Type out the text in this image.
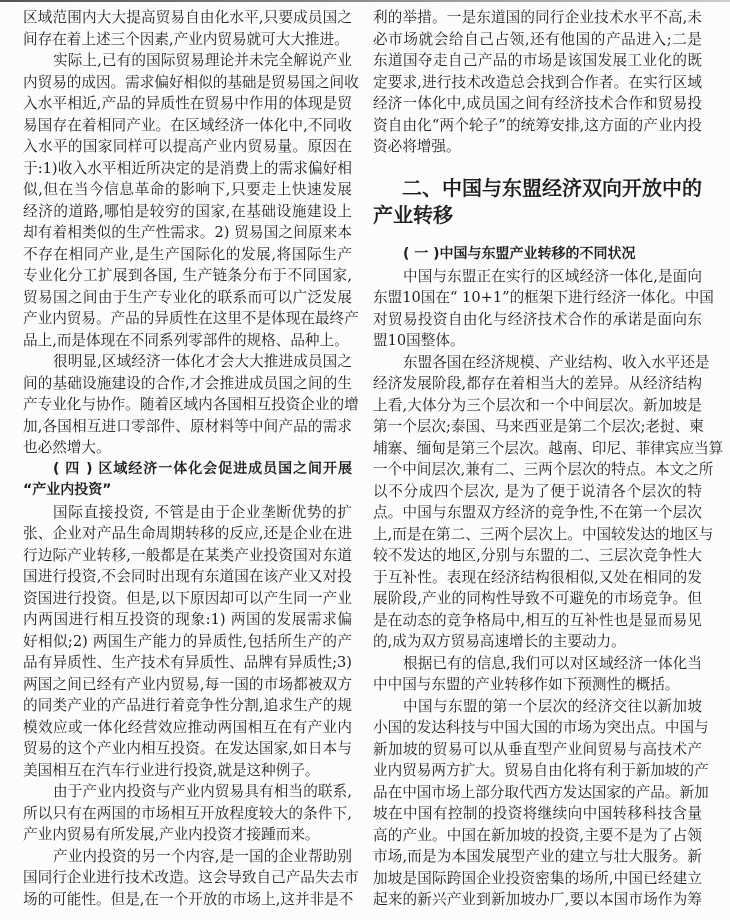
区域范围内大大提高贸易自由化水平,只要成员国之
间存在着上述三个因素,产业内贸易就可大大推进。
实际上,已有的国际贸易理论并未完全解说产业
内贸易的成因。需求偏好相似的基础是贸易国之间收
入水平相近,产品的异质性在贸易中作用的体现是贸
易国存在着相同产业。在区域经济一体化中,不同收
入水平的国家同样可以提高产业内贸易量。原因在
于:1)收入水平相近所决定的是消费上的需求偏好相
似,但在当今信息革命的影响下,只要走上快速发展
经济的道路,哪怕是较穷的国家,在基础设施建设上
却有着相类似的生产性需求。2) 贸易国之间原来本
不存在相同产业,是生产国际化的发展,将国际生产
专业化分工扩展到各国, 生产链条分布于不同国家,
贸易国之间由于生产专业化的联系而可以广泛发展
产业内贸易。产品的异质性在这里不是体现在最终产
品上,而是体现在不同系列零部件的规格、品种上。
很明显,区域经济一体化才会大大推进成员国之
间的基础设施建设的合作,才会推进成员国之间的生
产专业化与协作。随着区域内各国相互投资企业的增
加,各国相互进口零部件、原材料等中间产品的需求
也必然增大。
( 四 ) 区域经济一体化会促进成员国之间开展
“产业内投资”
国际直接投资, 不管是由于企业垄断优势的扩
张、企业对产品生命周期转移的反应,还是企业在进
行边际产业转移,一般都是在某类产业投资国对东道
国进行投资,不会同时出现有东道国在该产业又对投
资国进行投资。但是,以下原因却可以产生同一产业
内两国进行相互投资的现象:1) 两国的发展需求偏
好相似;2) 两国生产能力的异质性,包括所生产的产
品有异质性、生产技术有异质性、品牌有异质性;3)
两国之间已经有产业内贸易,每一国的市场都被双方
的同类产业的产品进行着竞争性分割,追求生产的规
模效应或一体化经营效应推动两国相互在有产业内
贸易的这个产业内相互投资。在发达国家,如日本与
美国相互在汽车行业进行投资,就是这种例子。
由于产业内投资与产业内贸易具有相当的联系,
所以只有在两国的市场相互开放程度较大的条件下,
产业内贸易有所发展,产业内投资才接踵而来。
产业内投资的另一个内容,是一国的企业帮助别
国同行企业进行技术改造。这会导致自己产品失去市
场的可能性。但是,在一个开放的市场上,这并非是不
利的举措。一是东道国的同行企业技术水平不高,未
必市场就会给自己占领,还有他国的产品进入;二是
东道国夺走自己产品的市场是该国发展工业化的既
定要求,进行技术改造总会找到合作者。在实行区域
经济一体化中,成员国之间有经济技术合作和贸易投
资自由化“两个轮子”的统筹安排,这方面的产业内投
资必将增强。
二、中国与东盟经济双向开放中的
产业转移
( 一 )中国与东盟产业转移的不同状况
中国与东盟正在实行的区域经济一体化,是面向
东盟10国在“ 10+1”的框架下进行经济一体化。中国
对贸易投资自由化与经济技术合作的承诺是面向东
盟10国整体。
东盟各国在经济规模、产业结构、收入水平还是
经济发展阶段,都存在着相当大的差异。从经济结构
上看,大体分为三个层次和一个中间层次。新加坡是
第一个层次;泰国、马来西亚是第二个层次;老挝、柬
埔寨、缅甸是第三个层次。越南、印尼、菲律宾应当算
一个中间层次,兼有二、三两个层次的特点。本文之所
以不分成四个层次, 是为了便于说清各个层次的特
点。中国与东盟双方经济的竞争性,不在第一个层次
上,而是在第二、三两个层次上。中国较发达的地区与
较不发达的地区,分别与东盟的二、三层次竞争性大
于互补性。表现在经济结构很相似,又处在相同的发
展阶段,产业的同构性导致不可避免的市场竞争。但
是在动态的竞争格局中,相互的互补性也是显而易见
的,成为双方贸易高速增长的主要动力。
根据已有的信息,我们可以对区域经济一体化当
中中国与东盟的产业转移作如下预测性的概括。
中国与东盟的第一个层次的经济交往以新加坡
小国的发达科技与中国大国的市场为突出点。中国与
新加坡的贸易可以从垂直型产业间贸易与高技术产
业内贸易两方扩大。贸易自由化将有利于新加坡的产
品在中国市场上部分取代西方发达国家的产品。新加
坡在中国有控制的投资将继续向中国转移科技含量
高的产业。中国在新加坡的投资,主要不是为了占领
市场,而是为本国发展型产业的建立与壮大服务。新
加坡是国际跨国企业投资密集的场所,中国已经建立
起来的新兴产业到新加坡办厂,要以本国市场作为筹
